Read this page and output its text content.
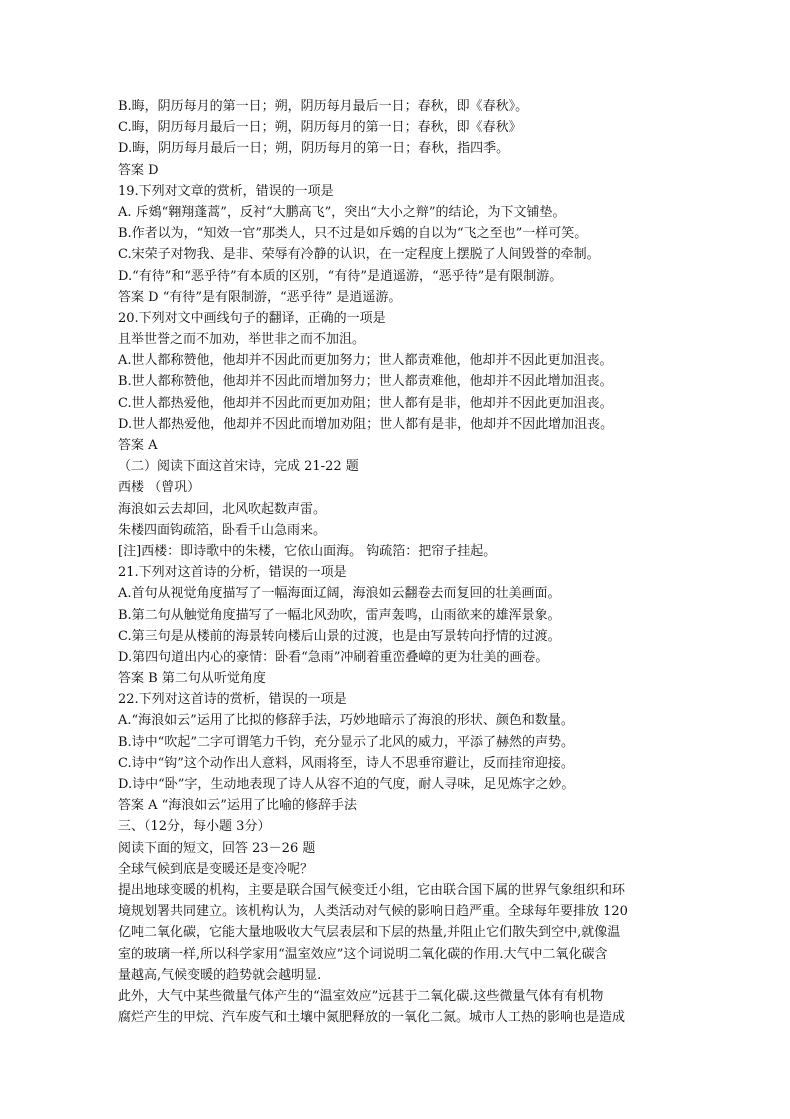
B.晦，阴历每月的第一日；朔，阴历每月最后一日；春秋，即《春秋》。
C.晦，阴历每月最后一日；朔，阴历每月的第一日；春秋，即《春秋》
D.晦，阴历每月最后一日；朔，阴历每月的第一日；春秋，指四季。
答案 D
19.下列对文章的赏析，错误的一项是
A. 斥鴳“翱翔蓬蒿”，反衬“大鹏高飞”，突出“大小之辩”的结论，为下文铺垫。
B.作者以为，“知效一官”那类人，只不过是如斥鴳的自以为“飞之至也”一样可笑。
C.宋荣子对物我、是非、荣辱有冷静的认识，在一定程度上摆脱了人间毁誉的牵制。
D.“有待”和“恶乎待”有本质的区别，“有待”是逍遥游，“恶乎待”是有限制游。
答案 D “有待”是有限制游，“恶乎待” 是逍遥游。
20.下列对文中画线句子的翻译，正确的一项是
且举世誉之而不加劝，举世非之而不加沮。
A.世人都称赞他，他却并不因此而更加努力；世人都责难他，他却并不因此更加沮丧。
B.世人都称赞他，他却并不因此而增加努力；世人都责难他，他却并不因此增加沮丧。
C.世人都热爱他，他却并不因此而更加劝阻；世人都有是非，他却并不因此更加沮丧。
D.世人都热爱他，他却并不因此而增加劝阻；世人都有是非，他却并不因此增加沮丧。
答案 A
（二）阅读下面这首宋诗，完成 21-22 题
西楼 （曾巩）
海浪如云去却回，北风吹起数声雷。
朱楼四面钩疏箔，卧看千山急雨来。
[注]西楼：即诗歌中的朱楼，它依山面海。 钩疏箔：把帘子挂起。
21.下列对这首诗的分析，错误的一项是
A.首句从视觉角度描写了一幅海面辽阔，海浪如云翻卷去而复回的壮美画面。
B.第二句从触觉角度描写了一幅北风劲吹，雷声轰鸣，山雨欲来的雄浑景象。
C.第三句是从楼前的海景转向楼后山景的过渡，也是由写景转向抒情的过渡。
D.第四句道出内心的豪情：卧看“急雨”冲刷着重峦叠嶂的更为壮美的画卷。
答案 B 第二句从听觉角度
22.下列对这首诗的赏析，错误的一项是
A.“海浪如云”运用了比拟的修辞手法，巧妙地暗示了海浪的形状、颜色和数量。
B.诗中“吹起”二字可谓笔力千钧，充分显示了北风的威力，平添了赫然的声势。
C.诗中“钩”这个动作出人意料，风雨将至，诗人不思垂帘避让，反而挂帘迎接。
D.诗中“卧”字，生动地表现了诗人从容不迫的气度，耐人寻味，足见炼字之妙。
答案 A “海浪如云”运用了比喻的修辞手法
三、（12分，每小题 3分）
阅读下面的短文，回答 23－26 题
全球气候到底是变暖还是变冷呢？
提出地球变暖的机构，主要是联合国气候变迁小组，它由联合国下属的世界气象组织和环
境规划署共同建立。该机构认为，人类活动对气候的影响日趋严重。全球每年要排放 120
亿吨二氧化碳，它能大量地吸收大气层表层和下层的热量,并阻止它们散失到空中,就像温
室的玻璃一样,所以科学家用“温室效应”这个词说明二氧化碳的作用.大气中二氧化碳含
量越高,气候变暖的趋势就会越明显.
此外，大气中某些微量气体产生的“温室效应”远甚于二氧化碳.这些微量气体有有机物
腐烂产生的甲烷、汽车废气和土壤中氮肥释放的一氧化二氮。城市人工热的影响也是造成
